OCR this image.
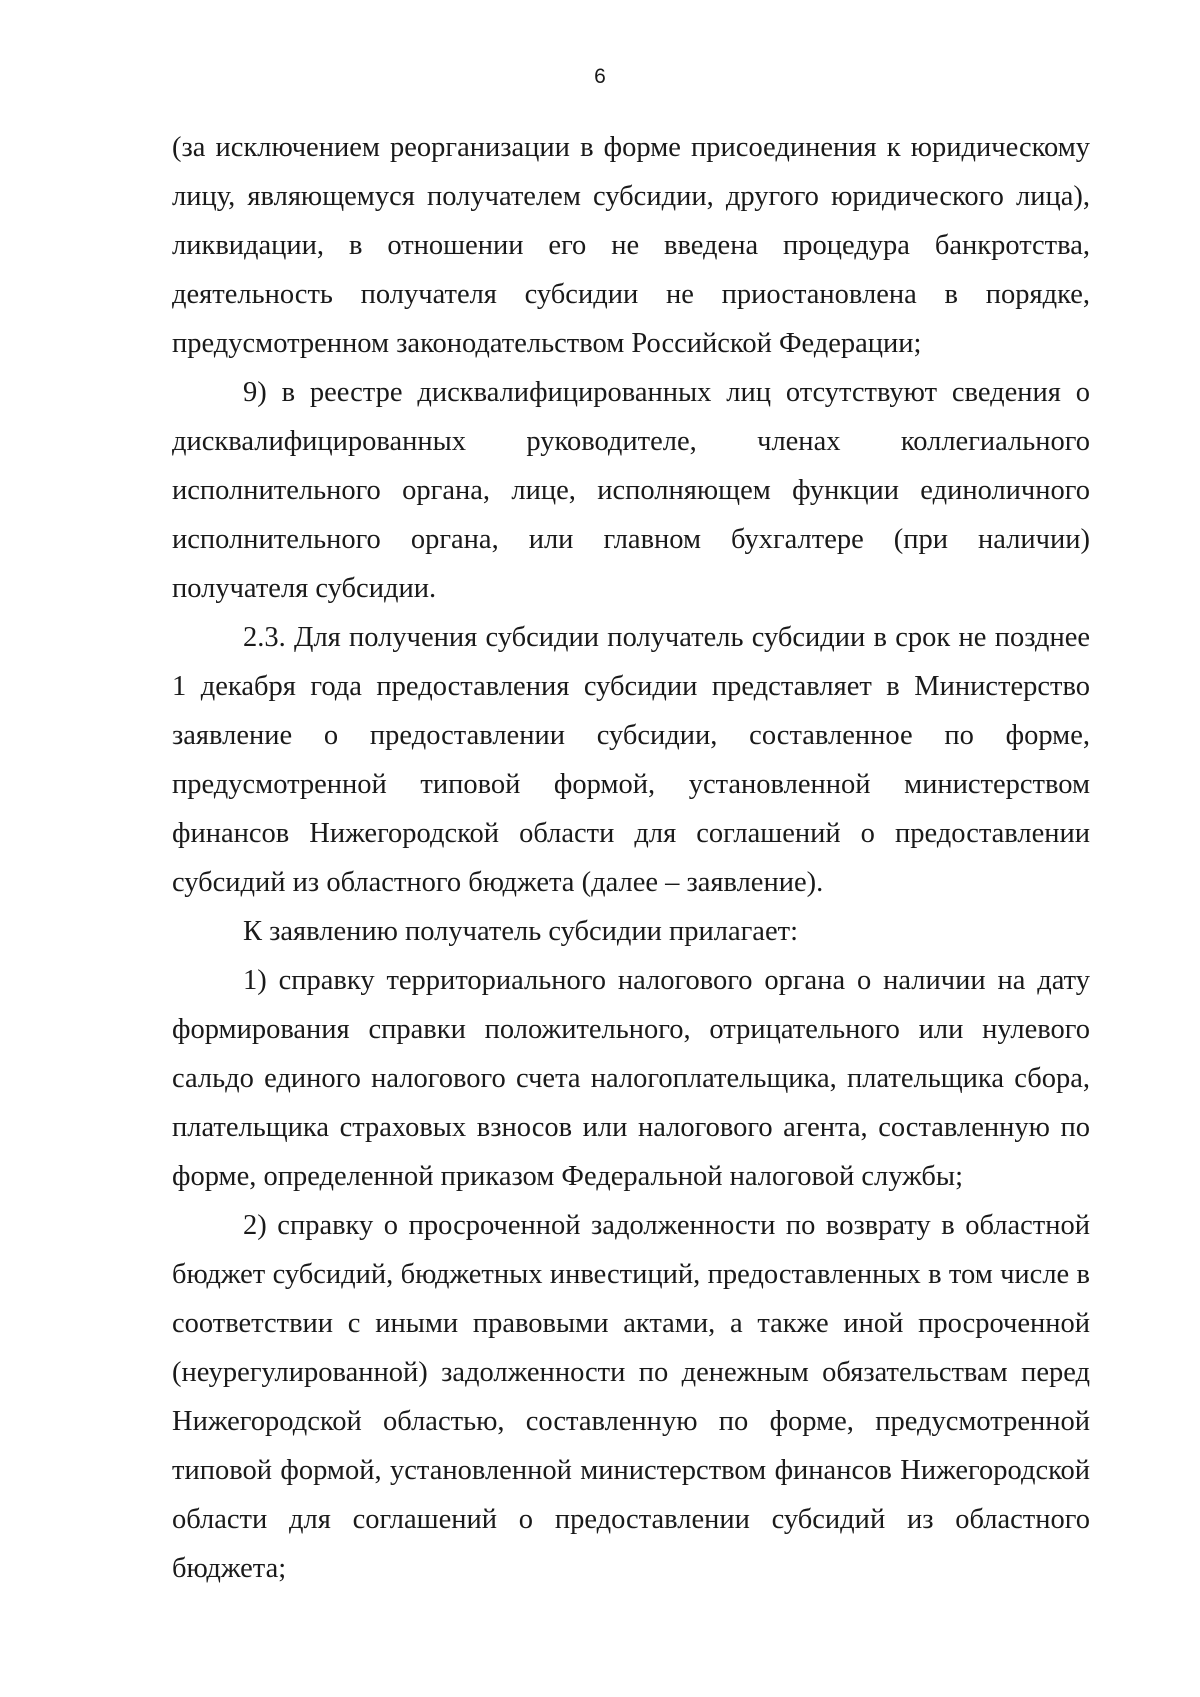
6

(за исключением реорганизации в форме присоединения к юридическому лицу, являющемуся получателем субсидии, другого юридического лица), ликвидации, в отношении его не введена процедура банкротства, деятельность получателя субсидии не приостановлена в порядке, предусмотренном законодательством Российской Федерации;

9) в реестре дисквалифицированных лиц отсутствуют сведения о дисквалифицированных руководителе, членах коллегиального исполнительного органа, лице, исполняющем функции единоличного исполнительного органа, или главном бухгалтере (при наличии) получателя субсидии.

2.3. Для получения субсидии получатель субсидии в срок не позднее 1 декабря года предоставления субсидии представляет в Министерство заявление о предоставлении субсидии, составленное по форме, предусмотренной типовой формой, установленной министерством финансов Нижегородской области для соглашений о предоставлении субсидий из областного бюджета (далее – заявление).

К заявлению получатель субсидии прилагает:

1) справку территориального налогового органа о наличии на дату формирования справки положительного, отрицательного или нулевого сальдо единого налогового счета налогоплательщика, плательщика сбора, плательщика страховых взносов или налогового агента, составленную по форме, определенной приказом Федеральной налоговой службы;

2) справку о просроченной задолженности по возврату в областной бюджет субсидий, бюджетных инвестиций, предоставленных в том числе в соответствии с иными правовыми актами, а также иной просроченной (неурегулированной) задолженности по денежным обязательствам перед Нижегородской областью, составленную по форме, предусмотренной типовой формой, установленной министерством финансов Нижегородской области для соглашений о предоставлении субсидий из областного бюджета;
